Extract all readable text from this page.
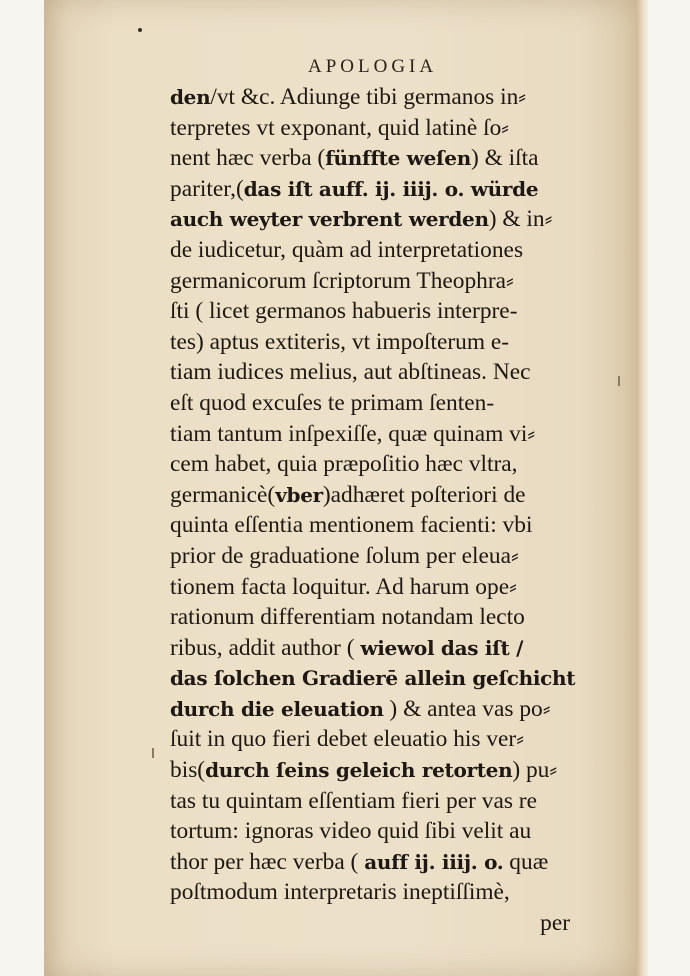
APOLOGIA
den/vt &c. Adiunge tibi germanos in⸗
terpretes vt exponant, quid latinè ſo⸗
nent hæc verba (fünffte weſen) & iſta
pariter,(das iſt auff. ij. iiij. o. würde
auch weyter verbrent werden) & in⸗
de iudicetur, quàm ad interpretationes
germanicorum ſcriptorum Theophra⸗
ſti ( licet germanos habueris interpre-
tes) aptus extiteris, vt impoſterum e-
tiam iudices melius, aut abſtineas. Nec
eſt quod excuſes te primam ſenten-
tiam tantum inſpexiſſe, quæ quinam vi⸗
cem habet, quia præpoſitio hæc vltra,
germanicè(vber)adhæret poſteriori de
quinta eſſentia mentionem facienti: vbi
prior de graduatione ſolum per eleua⸗
tionem facta loquitur. Ad harum ope⸗
rationum differentiam notandam lecto
ribus, addit author ( wiewol das iſt /
das ſolchen Gradierē allein geſchicht
durch die eleuation ) & antea vas po⸗
ſuit in quo fieri debet eleuatio his ver⸗
bis(durch ſeins geleich retorten) pu⸗
tas tu quintam eſſentiam fieri per vas re
tortum: ignoras video quid ſibi velit au
thor per hæc verba ( auff ij. iiij. o. quæ
poſtmodum interpretaris ineptiſſimè,
per
